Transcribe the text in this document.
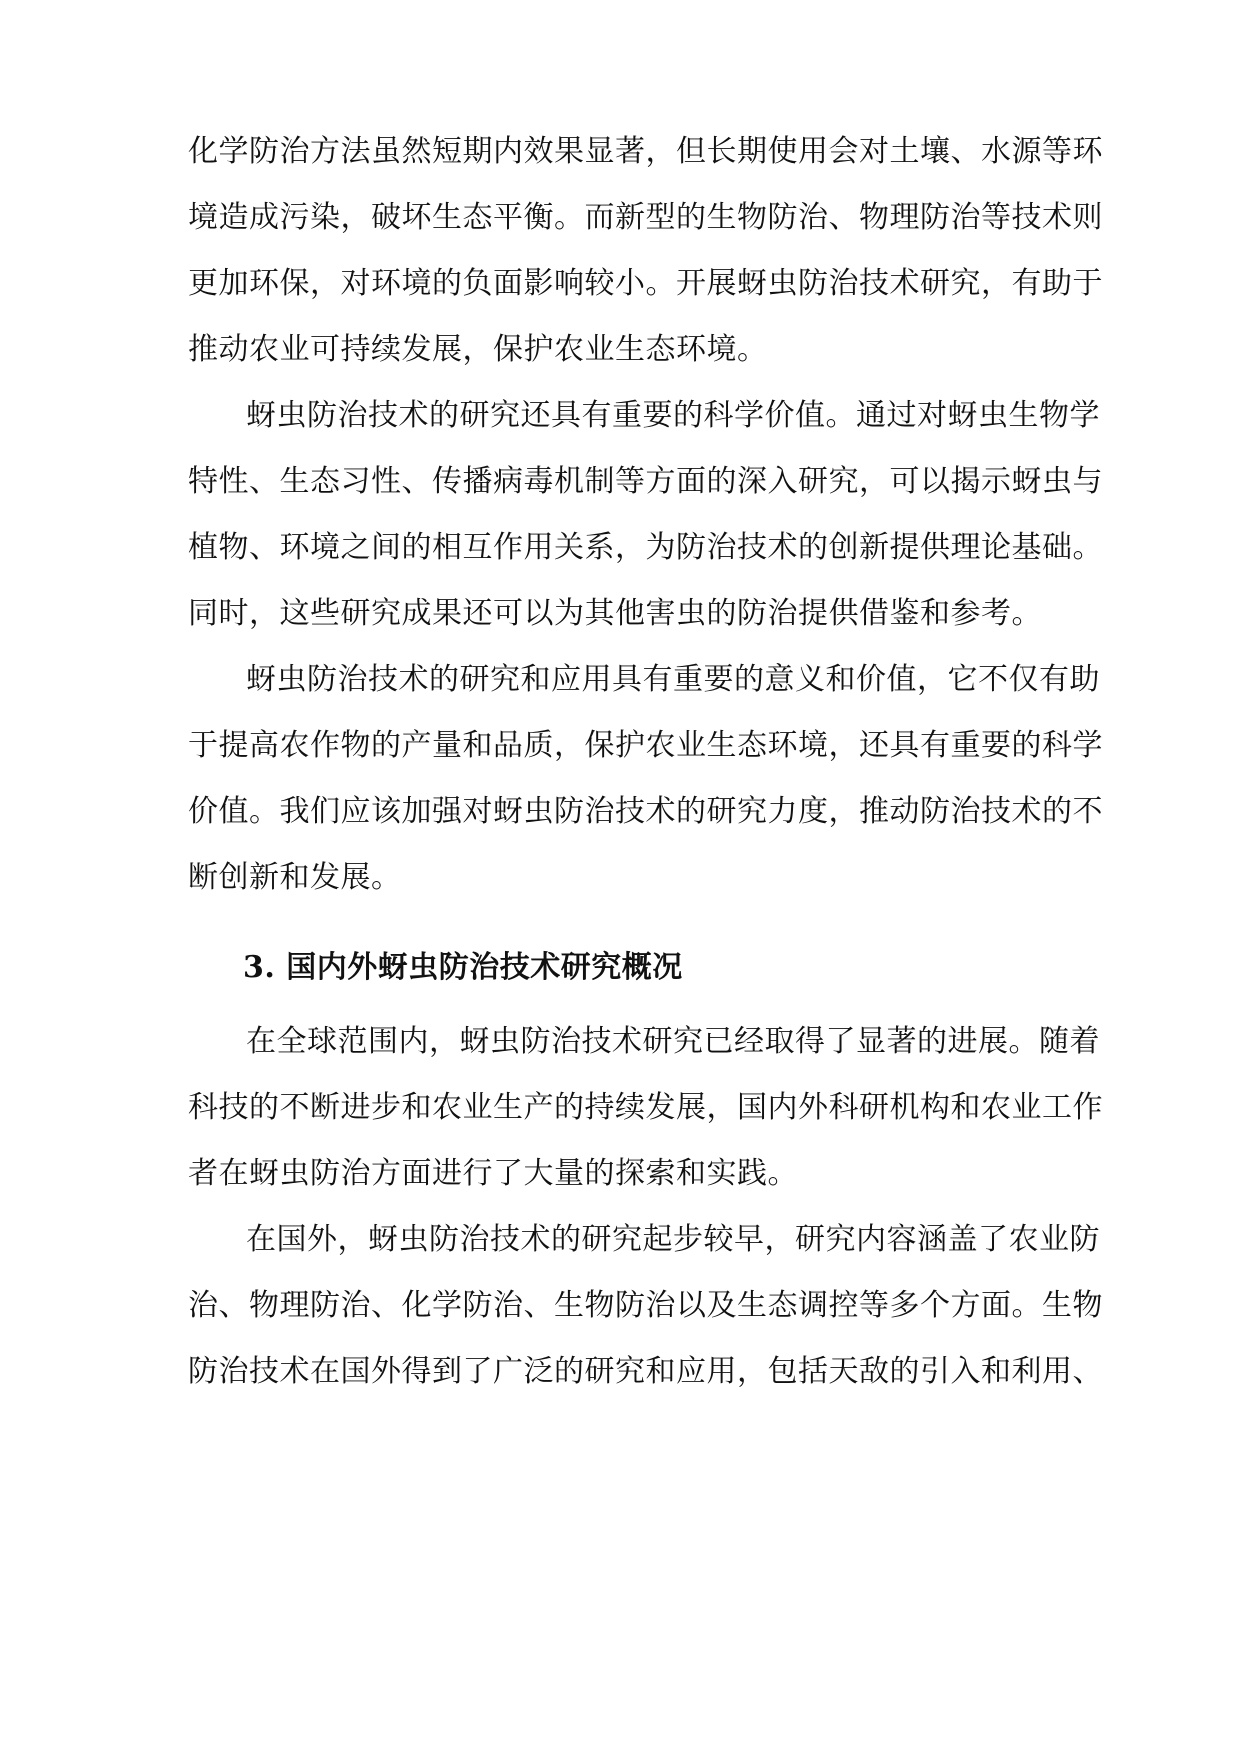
化学防治方法虽然短期内效果显著，但长期使用会对土壤、水源等环
境造成污染，破坏生态平衡。而新型的生物防治、物理防治等技术则
更加环保，对环境的负面影响较小。开展蚜虫防治技术研究，有助于
推动农业可持续发展，保护农业生态环境。
蚜虫防治技术的研究还具有重要的科学价值。通过对蚜虫生物学
特性、生态习性、传播病毒机制等方面的深入研究，可以揭示蚜虫与
植物、环境之间的相互作用关系，为防治技术的创新提供理论基础。
同时，这些研究成果还可以为其他害虫的防治提供借鉴和参考。
蚜虫防治技术的研究和应用具有重要的意义和价值，它不仅有助
于提高农作物的产量和品质，保护农业生态环境，还具有重要的科学
价值。我们应该加强对蚜虫防治技术的研究力度，推动防治技术的不
断创新和发展。
3. 国内外蚜虫防治技术研究概况
在全球范围内，蚜虫防治技术研究已经取得了显著的进展。随着
科技的不断进步和农业生产的持续发展，国内外科研机构和农业工作
者在蚜虫防治方面进行了大量的探索和实践。
在国外，蚜虫防治技术的研究起步较早，研究内容涵盖了农业防
治、物理防治、化学防治、生物防治以及生态调控等多个方面。生物
防治技术在国外得到了广泛的研究和应用，包括天敌的引入和利用、
